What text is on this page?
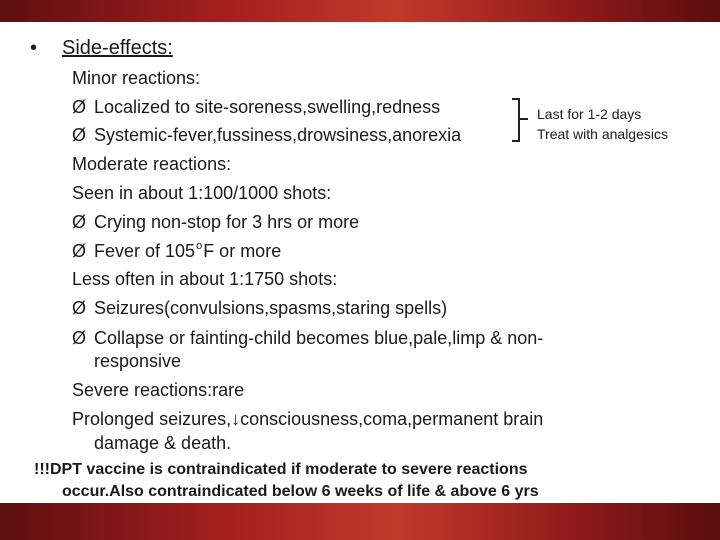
• Side-effects:
Minor reactions:
Ø Localized to site-soreness,swelling,redness
Ø Systemic-fever,fussiness,drowsiness,anorexia
Last for 1-2 days
Treat with analgesics
Moderate reactions:
Seen in about 1:100/1000 shots:
Ø Crying non-stop for 3 hrs or more
Ø Fever of 105$^o$F or more
Less often in about 1:1750 shots:
Ø Seizures(convulsions,spasms,staring spells)
Ø Collapse or fainting-child becomes blue,pale,limp & non-
responsive
Severe reactions:rare
Prolonged seizures,↓consciousness,coma,permanent brain
damage & death.
!!!DPT vaccine is contraindicated if moderate to severe reactions
occur.Also contraindicated below 6 weeks of life & above 6 yrs
